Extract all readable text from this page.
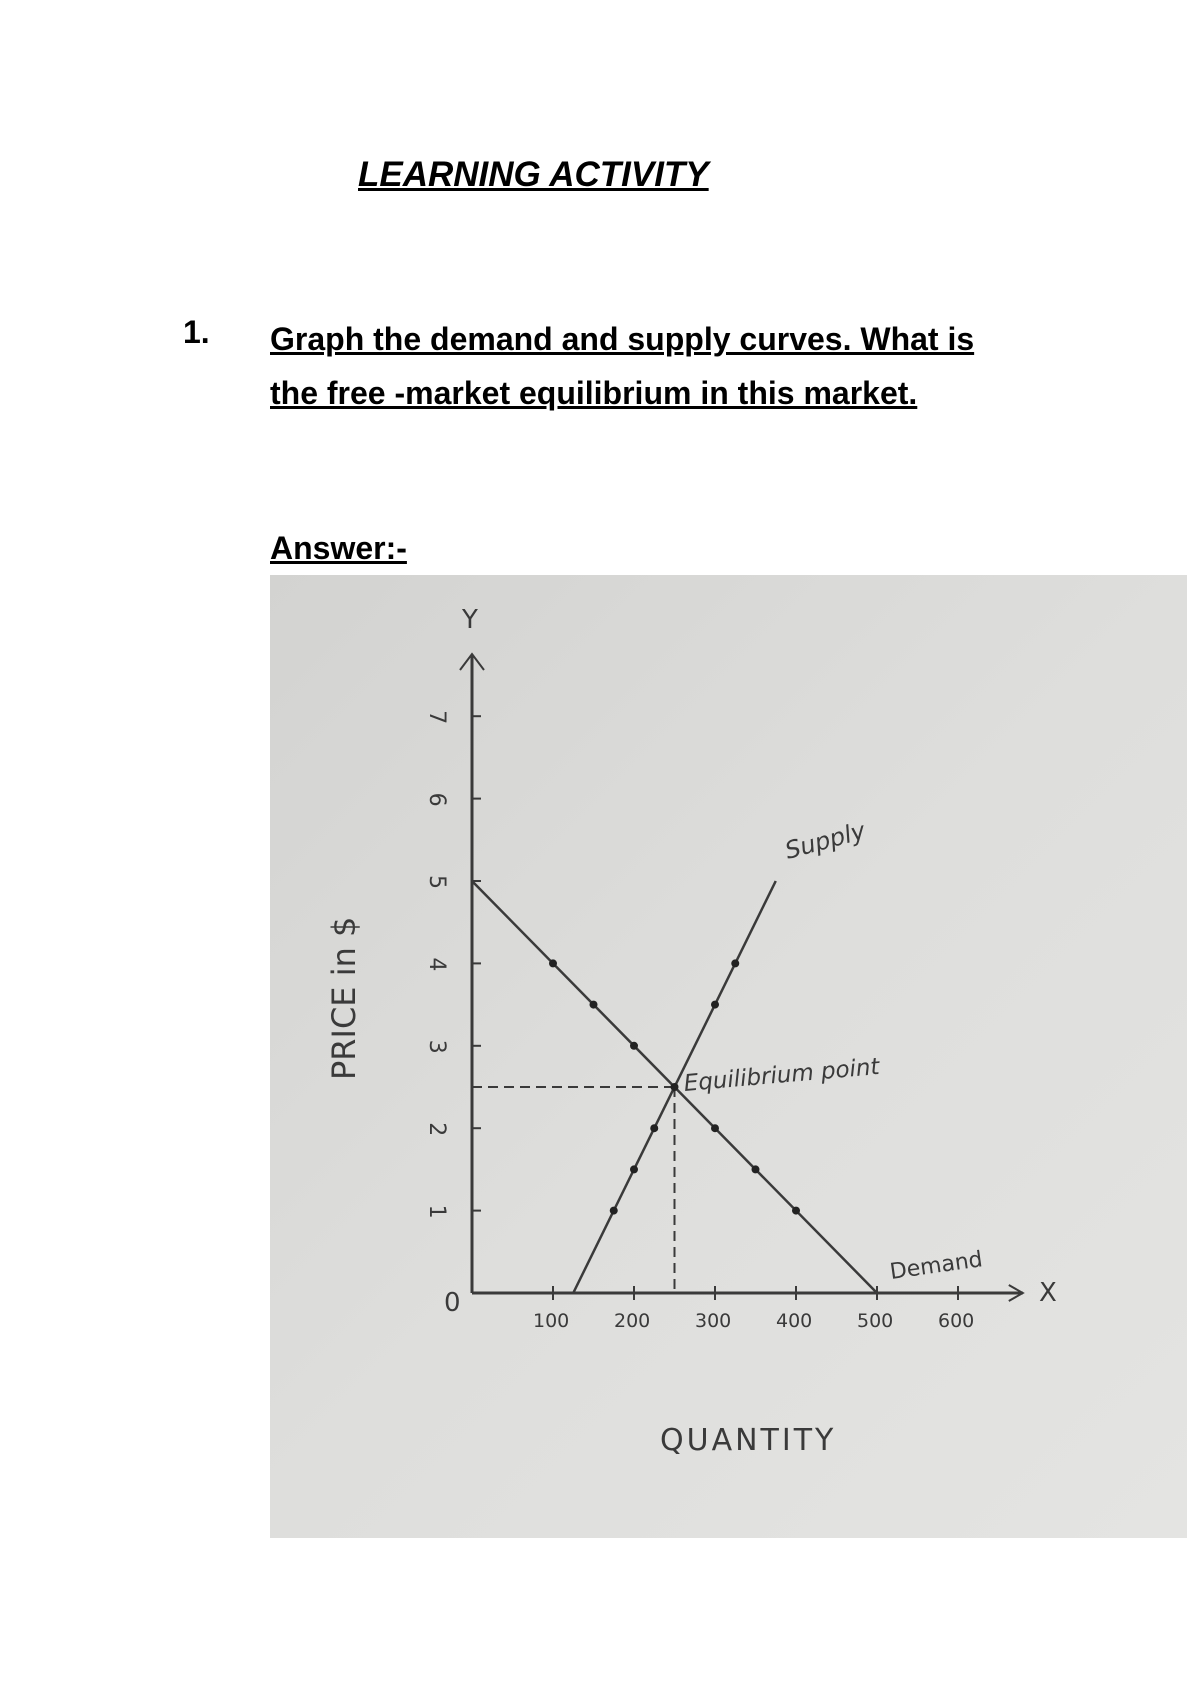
LEARNING ACTIVITY
1. Graph the demand and supply curves. What is
the free -market equilibrium in this market.
Answer:-
Y
X
0
1
2
3
4
5
6
7
100 200 300 400 500 600
PRICE in $
QUANTITY
Supply
Demand
Equilibrium point
